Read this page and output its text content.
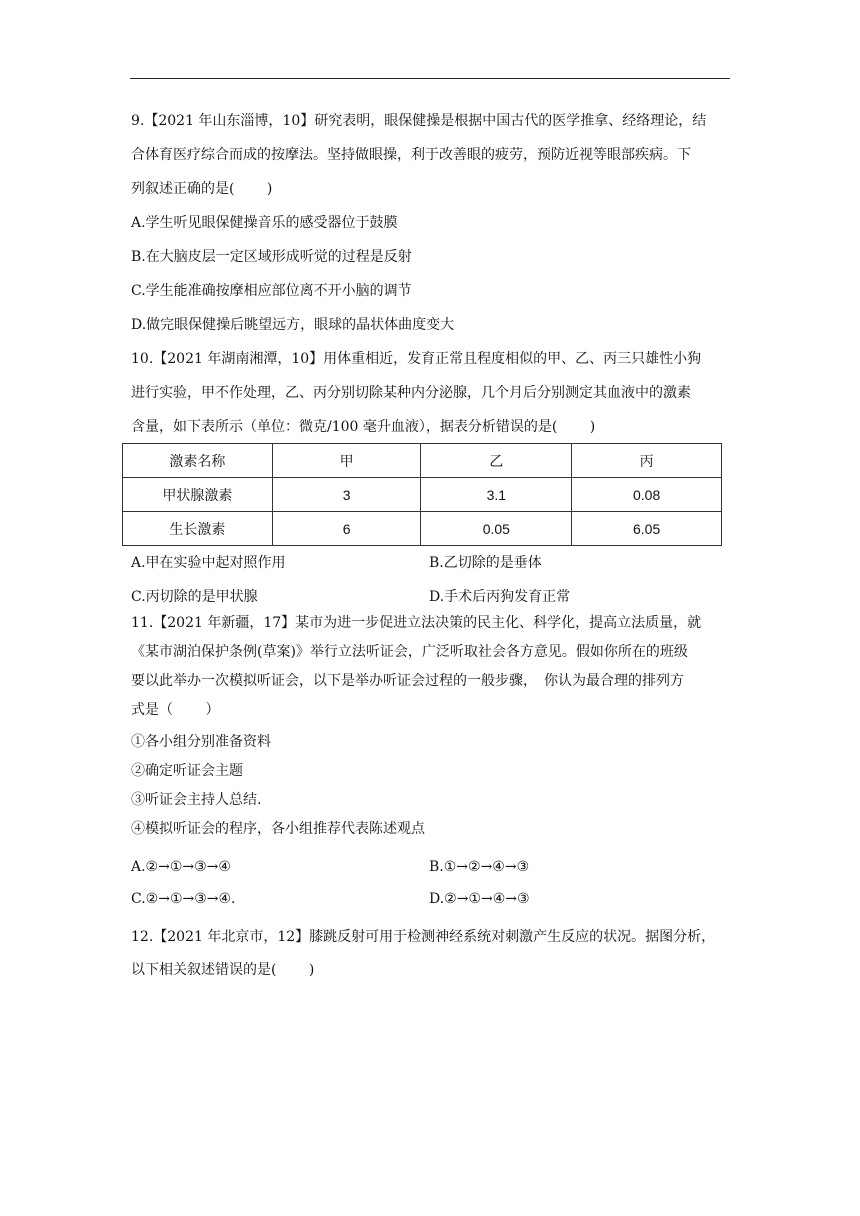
9.【2021 年山东淄博，10】研究表明，眼保健操是根据中国古代的医学推拿、经络理论，结
合体育医疗综合而成的按摩法。坚持做眼操，利于改善眼的疲劳，预防近视等眼部疾病。下
列叙述正确的是(　 　)
A.学生听见眼保健操音乐的感受器位于鼓膜
B.在大脑皮层一定区域形成听觉的过程是反射
C.学生能准确按摩相应部位离不开小脑的调节
D.做完眼保健操后眺望远方，眼球的晶状体曲度变大
10.【2021 年湖南湘潭，10】用体重相近，发育正常且程度相似的甲、乙、丙三只雄性小狗
进行实验，甲不作处理，乙、丙分别切除某种内分泌腺，几个月后分别测定其血液中的激素
含量，如下表所示（单位：微克/100 毫升血液），据表分析错误的是(　 　)
激素名称	甲	乙	丙
甲状腺激素	3	3.1	0.08
生长激素	6	0.05	6.05
A.甲在实验中起对照作用	B.乙切除的是垂体
C.丙切除的是甲状腺	D.手术后丙狗发育正常
11.【2021 年新疆，17】某市为进一步促进立法决策的民主化、科学化，提高立法质量，就
《某市湖泊保护条例(草案)》举行立法听证会，广泛听取社会各方意见。假如你所在的班级
要以此举办一次模拟听证会，以下是举办听证会过程的一般步骤，　你认为最合理的排列方
式是（　 　）
①各小组分别准备资料
②确定听证会主题
③听证会主持人总结.
④模拟听证会的程序，各小组推荐代表陈述观点
A.②→①→③→④	B.①→②→④→③
C.②→①→③→④.	D.②→①→④→③
12.【2021 年北京市，12】膝跳反射可用于检测神经系统对刺激产生反应的状况。据图分析，
以下相关叙述错误的是(　 　)
